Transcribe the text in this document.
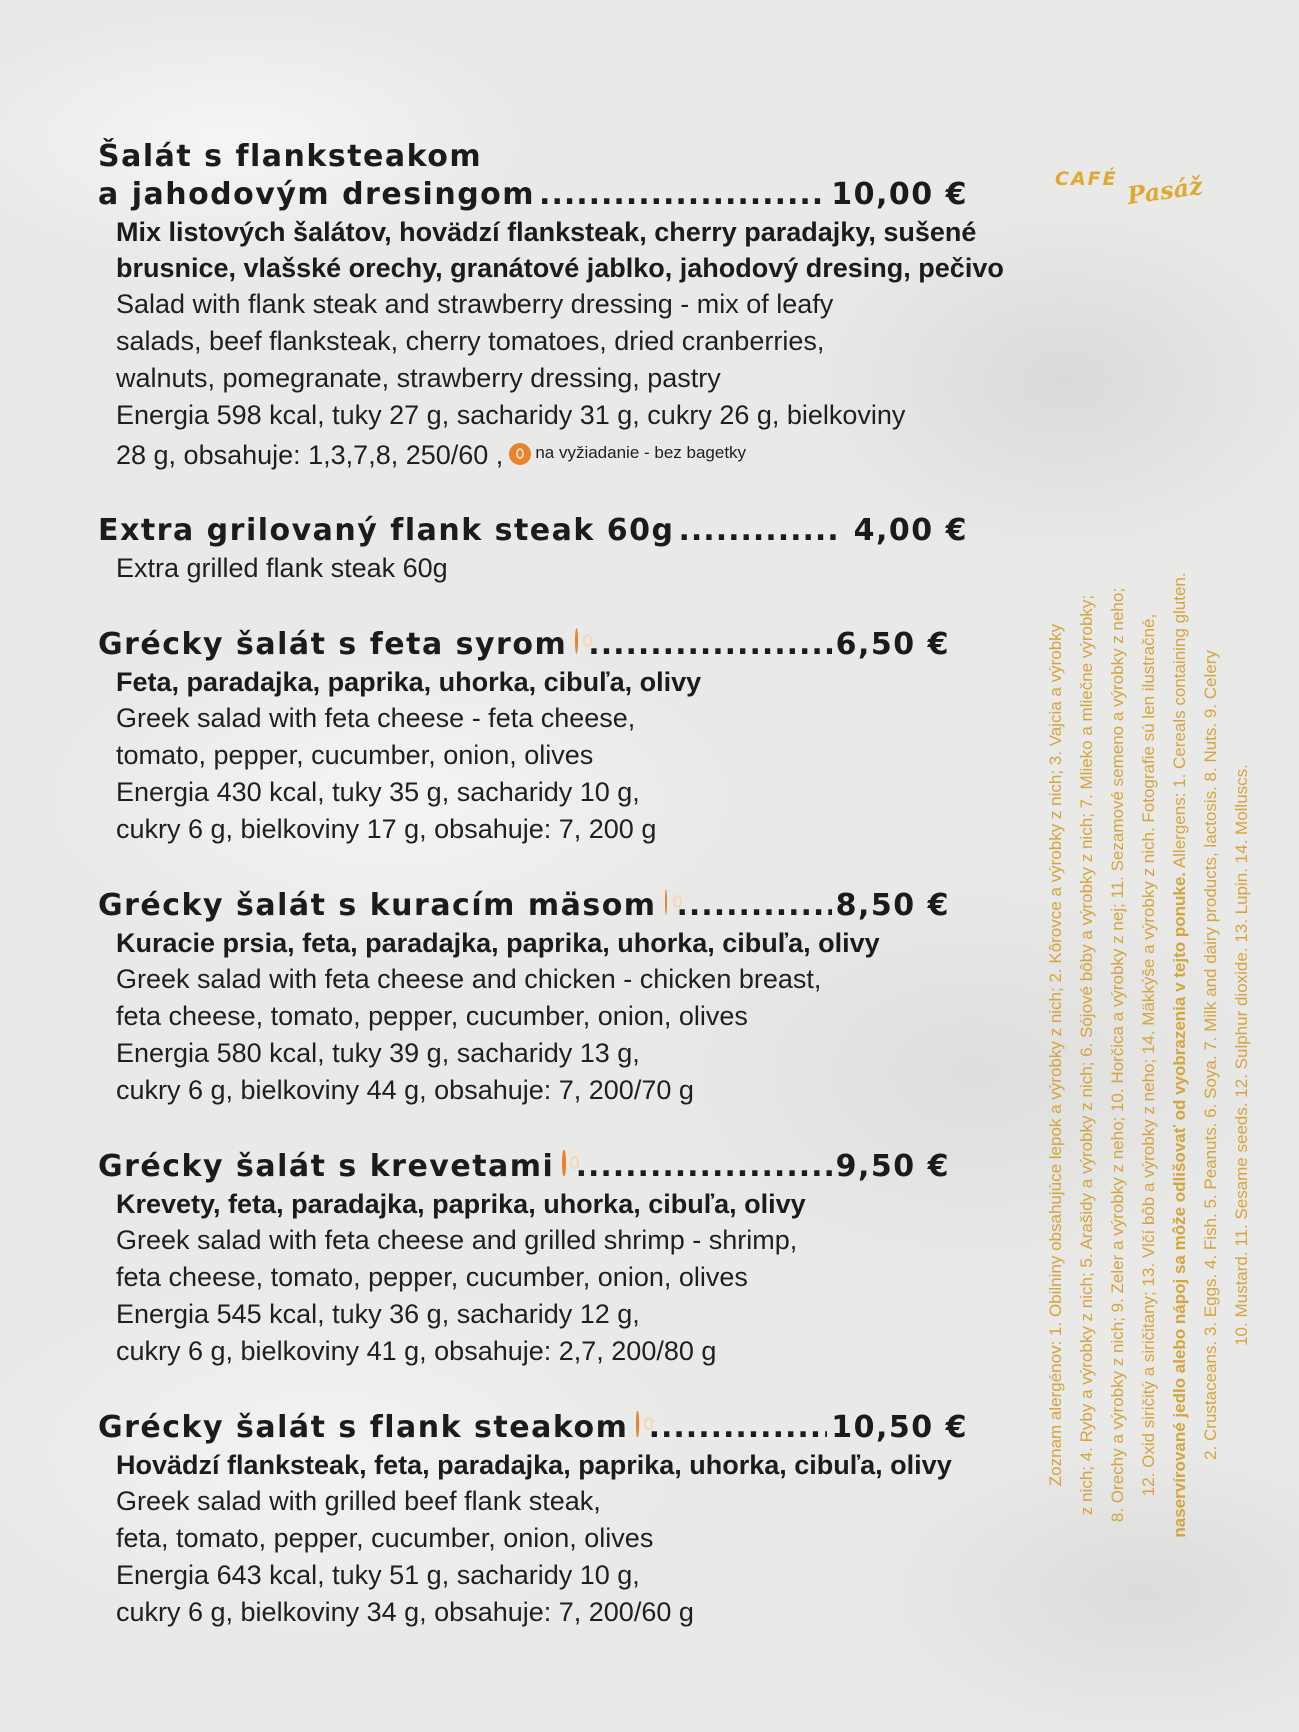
CAFÉ Pasáž
Šalát s flanksteakom
a jahodovým dresingom .....	10,00 €
Mix listových šalátov, hovädzí flanksteak, cherry paradajky, sušené
brusnice, vlašské orechy, granátové jablko, jahodový dresing, pečivo
Salad with flank steak and strawberry dressing - mix of leafy
salads, beef flanksteak, cherry tomatoes, dried cranberries,
walnuts, pomegranate, strawberry dressing, pastry
Energia 598 kcal, tuky 27 g, sacharidy 31 g, cukry 26 g, bielkoviny
28 g, obsahuje: 1,3,7,8, 250/60 , $^{na vyžiadanie - bez bagetky}$
Extra grilovaný flank steak 60g .....	4,00 €
Extra grilled flank steak 60g
Grécky šalát s feta syrom .....	6,50 €
Feta, paradajka, paprika, uhorka, cibuľa, olivy
Greek salad with feta cheese - feta cheese,
tomato, pepper, cucumber, onion, olives
Energia 430 kcal, tuky 35 g, sacharidy 10 g,
cukry 6 g, bielkoviny 17 g, obsahuje: 7, 200 g
Grécky šalát s kuracím mäsom .....	8,50 €
Kuracie prsia, feta, paradajka, paprika, uhorka, cibuľa, olivy
Greek salad with feta cheese and chicken - chicken breast,
feta cheese, tomato, pepper, cucumber, onion, olives
Energia 580 kcal, tuky 39 g, sacharidy 13 g,
cukry 6 g, bielkoviny 44 g, obsahuje: 7, 200/70 g
Grécky šalát s krevetami .....	9,50 €
Krevety, feta, paradajka, paprika, uhorka, cibuľa, olivy
Greek salad with feta cheese and grilled shrimp - shrimp,
feta cheese, tomato, pepper, cucumber, onion, olives
Energia 545 kcal, tuky 36 g, sacharidy 12 g,
cukry 6 g, bielkoviny 41 g, obsahuje: 2,7, 200/80 g
Grécky šalát s flank steakom .....	10,50 €
Hovädzí flanksteak, feta, paradajka, paprika, uhorka, cibuľa, olivy
Greek salad with grilled beef flank steak,
feta, tomato, pepper, cucumber, onion, olives
Energia 643 kcal, tuky 51 g, sacharidy 10 g,
cukry 6 g, bielkoviny 34 g, obsahuje: 7, 200/60 g

Zoznam alergénov: 1. Obilniny obsahujúce lepok a výrobky z nich; 2. Kôrovce a výrobky z nich; 3. Vajcia a výrobky z nich; 4. Ryby a výrobky z nich; 5. Arašidy a výrobky z nich; 6. Sójové bôby a výrobky z nich; 7. Mlieko a mliečne výrobky; 8. Orechy a výrobky z nich; 9. Zeler a výrobky z neho; 10. Horčica a výrobky z nej; 11. Sezamové semeno a výrobky z neho; 12. Oxid siričitý a siričitany; 13. Vlčí bôb a výrobky z neho; 14. Mäkkýše a výrobky z nich. Fotografie sú len ilustračné, naservírované jedlo alebo nápoj sa môže odlišovať od vyobrazenia v tejto ponuke. Allergens: 1. Cereals containing gluten. 2. Crustaceans. 3. Eggs. 4. Fish. 5. Peanuts. 6. Soya. 7. Milk and dairy products, lactosis. 8. Nuts. 9. Celery 10. Mustard. 11. Sesame seeds. 12. Sulphur dioxide. 13. Lupin. 14. Molluscs.
